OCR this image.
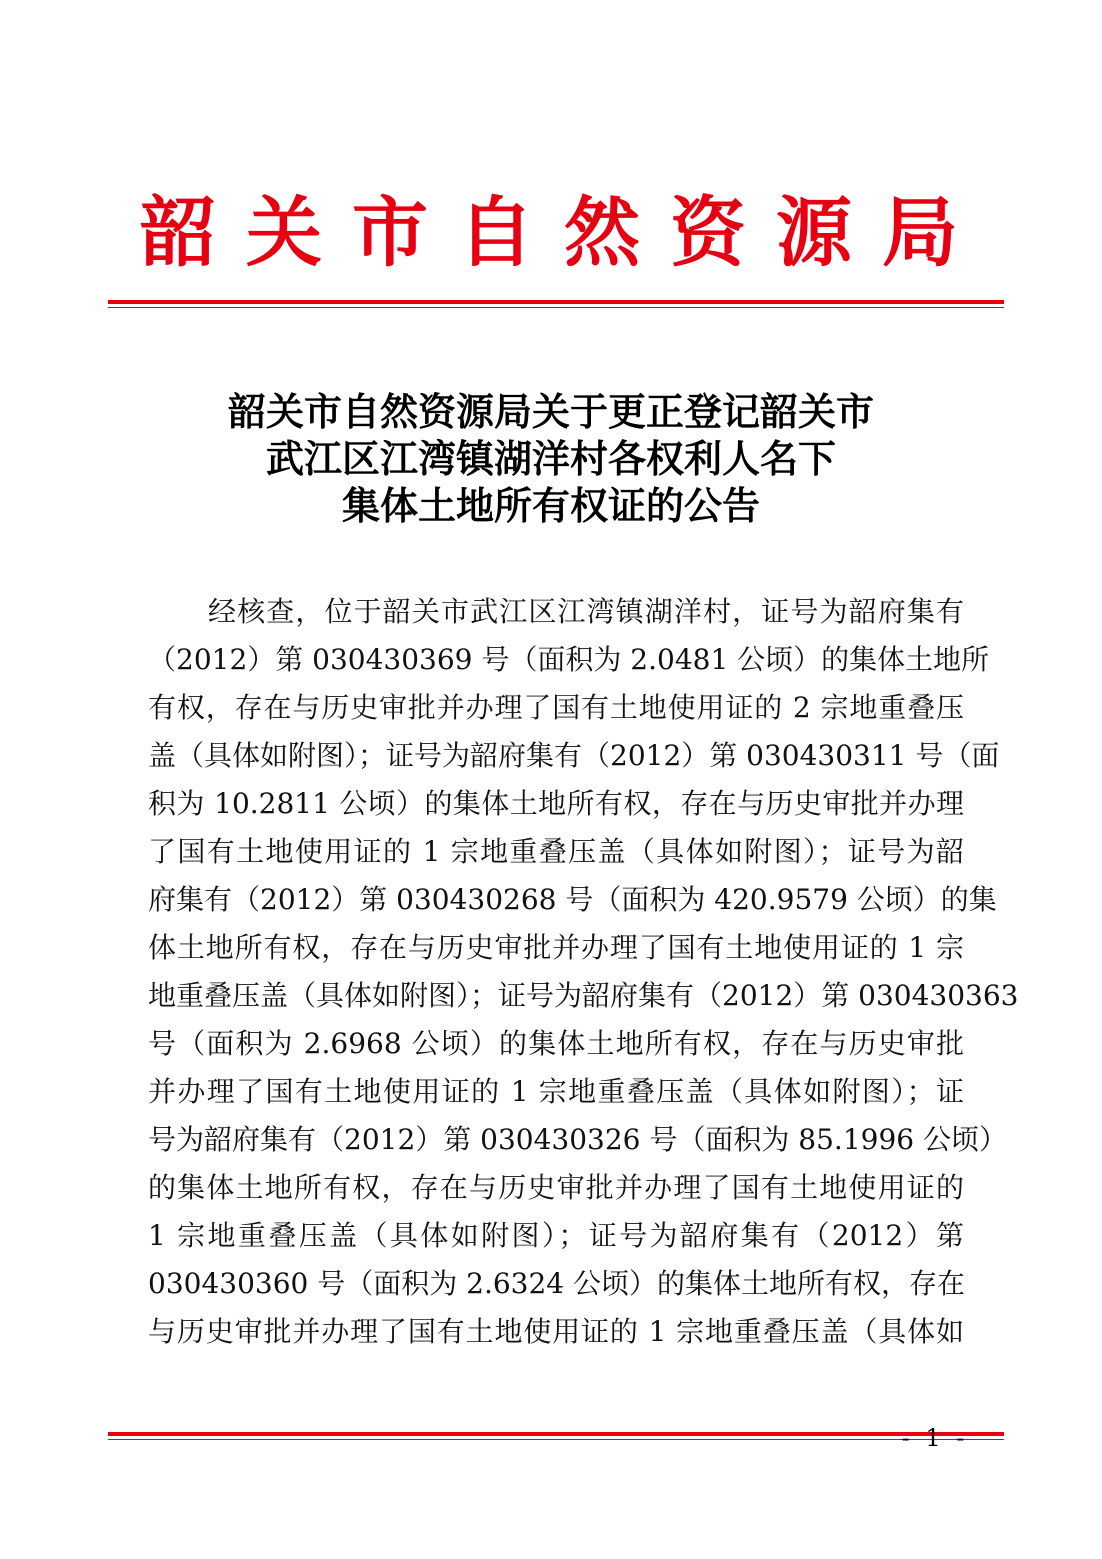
韶关市自然资源局
韶关市自然资源局关于更正登记韶关市
武江区江湾镇湖洋村各权利人名下
集体土地所有权证的公告
经核查，位于韶关市武江区江湾镇湖洋村，证号为韶府集有
（2012）第 030430369 号（面积为 2.0481 公顷）的集体土地所
有权，存在与历史审批并办理了国有土地使用证的 2 宗地重叠压
盖（具体如附图）；证号为韶府集有（2012）第 030430311 号（面
积为 10.2811 公顷）的集体土地所有权，存在与历史审批并办理
了国有土地使用证的 1 宗地重叠压盖（具体如附图）；证号为韶
府集有（2012）第 030430268 号（面积为 420.9579 公顷）的集
体土地所有权，存在与历史审批并办理了国有土地使用证的 1 宗
地重叠压盖（具体如附图）；证号为韶府集有（2012）第 030430363
号（面积为 2.6968 公顷）的集体土地所有权，存在与历史审批
并办理了国有土地使用证的 1 宗地重叠压盖（具体如附图）；证
号为韶府集有（2012）第 030430326 号（面积为 85.1996 公顷）
的集体土地所有权，存在与历史审批并办理了国有土地使用证的
1 宗地重叠压盖（具体如附图）；证号为韶府集有（2012）第
030430360 号（面积为 2.6324 公顷）的集体土地所有权，存在
与历史审批并办理了国有土地使用证的 1 宗地重叠压盖（具体如
- 1 -
